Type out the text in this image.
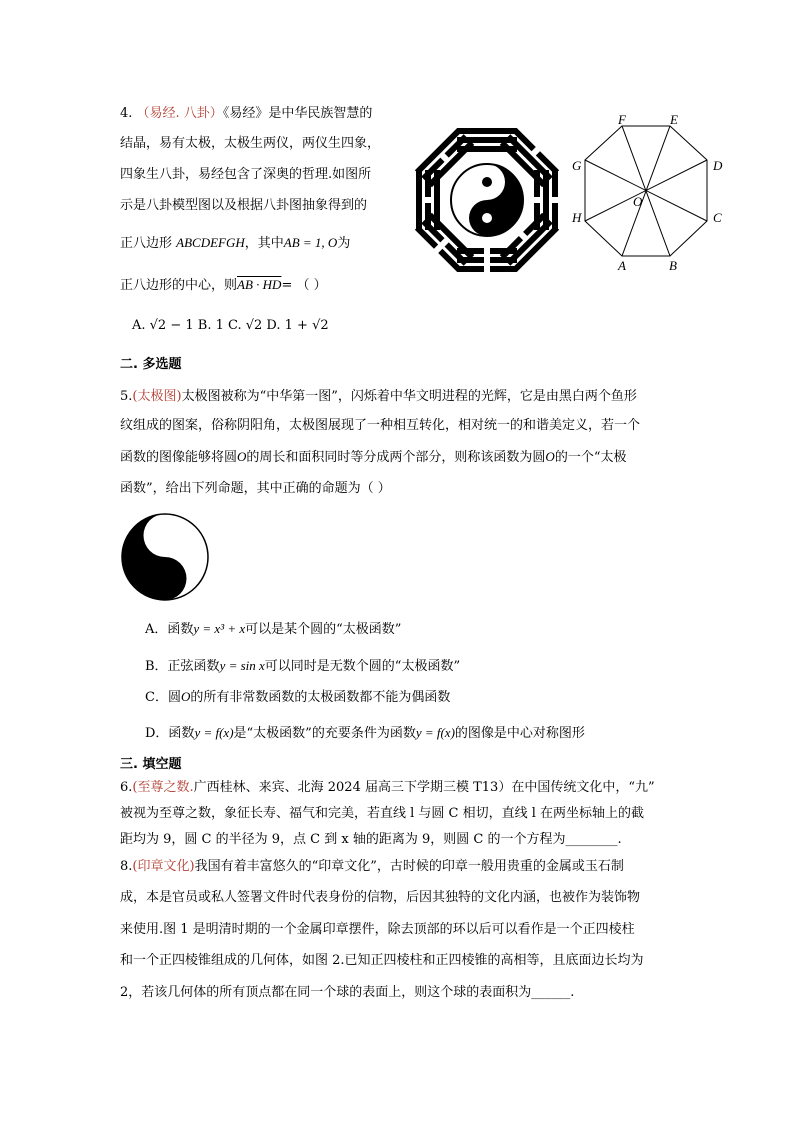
4. （易经. 八卦）《易经》是中华民族智慧的
结晶，易有太极，太极生两仪，两仪生四象，
四象生八卦，易经包含了深奥的哲理.如图所
示是八卦模型图以及根据八卦图抽象得到的
正八边形 ABCDEFGH，其中AB = 1, O为
正八边形的中心，则AB · HD= （ ）
A. √2 − 1 B. 1 C. √2 D. 1 + √2
A	B
C
D
E
F
G
H
O
二. 多选题
5.(太极图)太极图被称为“中华第一图”，闪烁着中华文明进程的光辉，它是由黑白两个鱼形
纹组成的图案，俗称阴阳角，太极图展现了一种相互转化，相对统一的和谐美定义，若一个
函数的图像能够将圆O的周长和面积同时等分成两个部分，则称该函数为圆O的一个“太极
函数”，给出下列命题，其中正确的命题为（ ）
A．函数y = x³ + x可以是某个圆的“太极函数”
B．正弦函数y = sin x可以同时是无数个圆的“太极函数”
C．圆O的所有非常数函数的太极函数都不能为偶函数
D．函数y = f(x)是“太极函数”的充要条件为函数y = f(x)的图像是中心对称图形
三. 填空题
6.(至尊之数.广西桂林、来宾、北海 2024 届高三下学期三模 T13）在中国传统文化中，“九”
被视为至尊之数，象征长寿、福气和完美，若直线 l 与圆 C 相切，直线 l 在两坐标轴上的截
距均为 9，圆 C 的半径为 9，点 C 到 x 轴的距离为 9，则圆 C 的一个方程为________.
8.(印章文化)我国有着丰富悠久的“印章文化”，古时候的印章一般用贵重的金属或玉石制
成，本是官员或私人签署文件时代表身份的信物，后因其独特的文化内涵，也被作为装饰物
来使用.图 1 是明清时期的一个金属印章摆件，除去顶部的环以后可以看作是一个正四棱柱
和一个正四棱锥组成的几何体，如图 2.已知正四棱柱和正四棱锥的高相等，且底面边长均为
2，若该几何体的所有顶点都在同一个球的表面上，则这个球的表面积为______.
